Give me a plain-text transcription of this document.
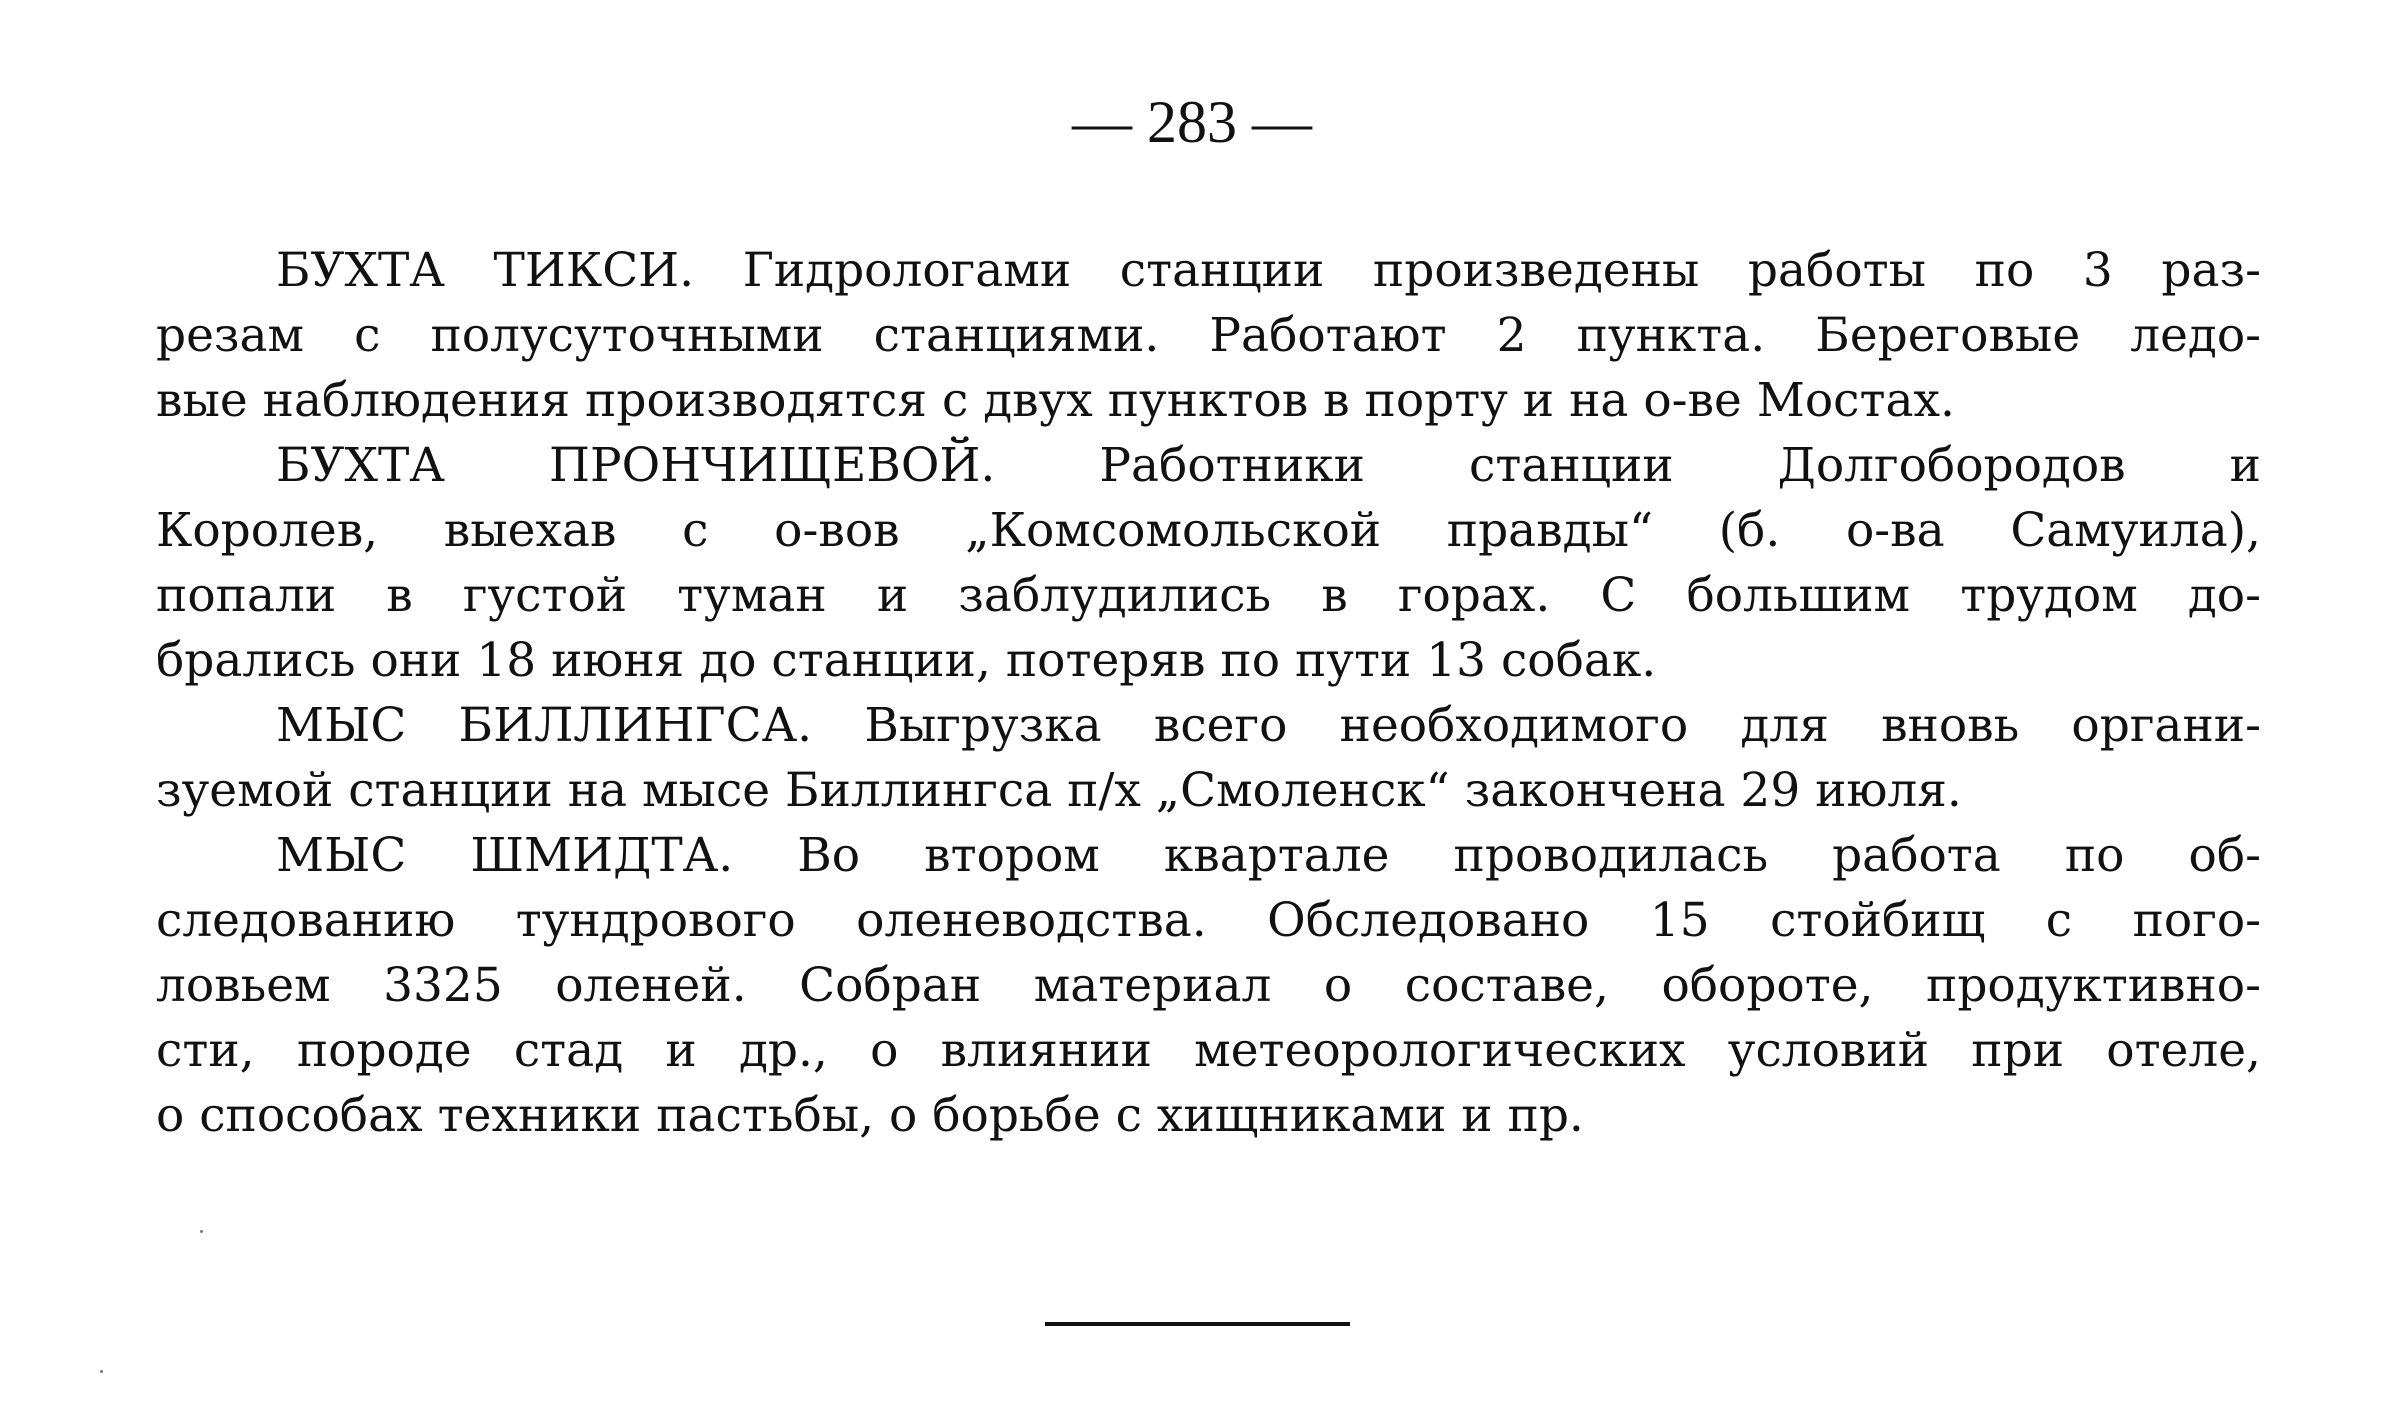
— 283 —
БУХТА ТИКСИ. Гидрологами станции произведены работы по 3 раз-
резам с полусуточными станциями. Работают 2 пункта. Береговые ледо-
вые наблюдения производятся с двух пунктов в порту и на о-ве Мостах.
БУХТА ПРОНЧИЩЕВОЙ. Работники станции Долгобородов и
Королев, выехав с о-вов „Комсомольской правды“ (б. о-ва Самуила),
попали в густой туман и заблудились в горах. С большим трудом до-
брались они 18 июня до станции, потеряв по пути 13 собак.
МЫС БИЛЛИНГСА. Выгрузка всего необходимого для вновь органи-
зуемой станции на мысе Биллингса п/х „Смоленск“ закончена 29 июля.
МЫС ШМИДТА. Во втором квартале проводилась работа по об-
следованию тундрового оленеводства. Обследовано 15 стойбищ с пого-
ловьем 3325 оленей. Собран материал о составе, обороте, продуктивно-
сти, породе стад и др., о влиянии метеорологических условий при отеле,
о способах техники пастьбы, о борьбе с хищниками и пр.
